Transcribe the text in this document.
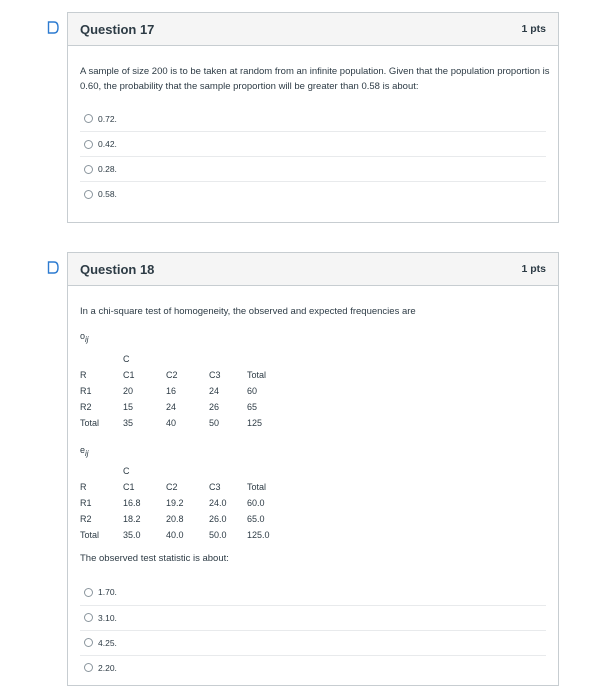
Question 17	1 pts

A sample of size 200 is to be taken at random from an infinite population. Given that the population proportion is 0.60, the probability that the sample proportion will be greater than 0.58 is about:

0.72.
0.42.
0.28.
0.58.
Question 18	1 pts

In a chi-square test of homogeneity, the observed and expected frequencies are

$o_{ij}$

	C			
R	C1	C2	C3	Total
R1	20	16	24	60
R2	15	24	26	65
Total	35	40	50	125

$e_{ij}$

	C			
R	C1	C2	C3	Total
R1	16.8	19.2	24.0	60.0
R2	18.2	20.8	26.0	65.0
Total	35.0	40.0	50.0	125.0

The observed test statistic is about:

1.70.
3.10.
4.25.
2.20.
